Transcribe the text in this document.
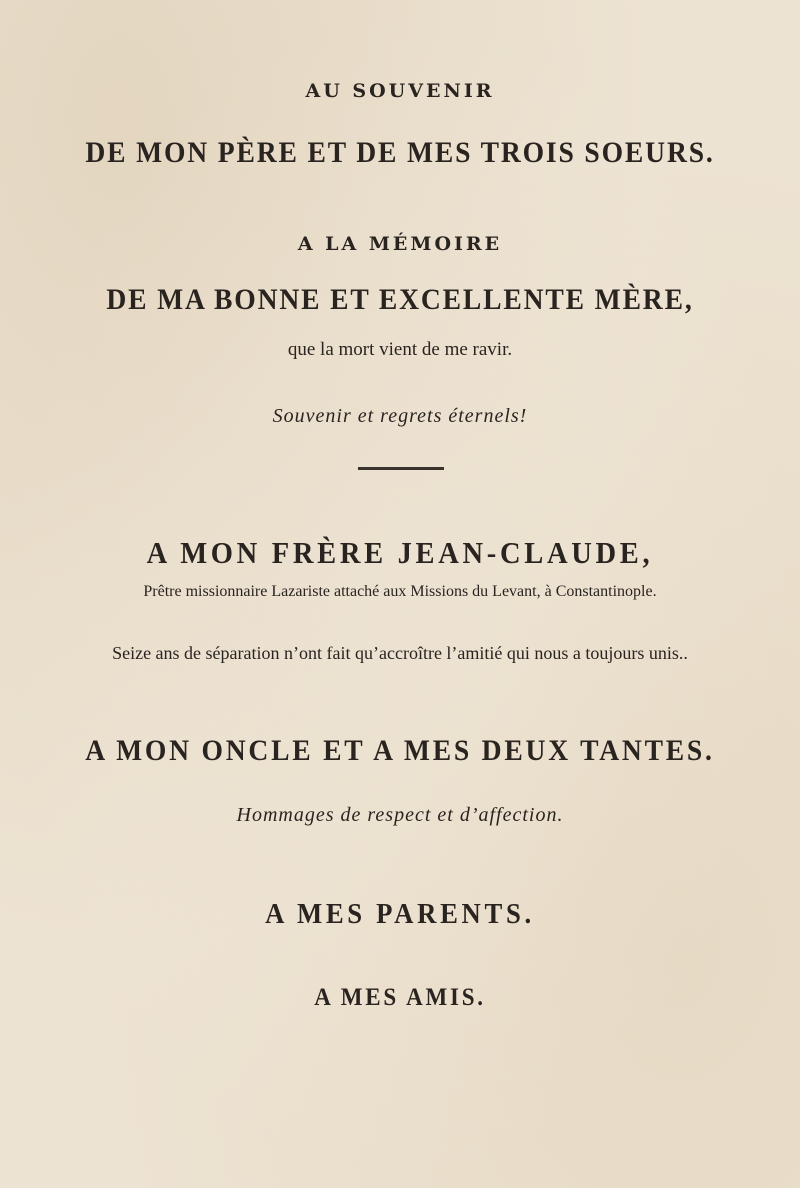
AU SOUVENIR
DE MON PÈRE ET DE MES TROIS SOEURS.
A LA MÉMOIRE
DE MA BONNE ET EXCELLENTE MÈRE,
que la mort vient de me ravir.
Souvenir et regrets éternels!
A MON FRÈRE JEAN-CLAUDE,
Prêtre missionnaire Lazariste attaché aux Missions du Levant, à Constantinople.
Seize ans de séparation n’ont fait qu’accroître l’amitié qui nous a toujours unis..
A MON ONCLE ET A MES DEUX TANTES.
Hommages de respect et d’affection.
A MES PARENTS.
A MES AMIS.
